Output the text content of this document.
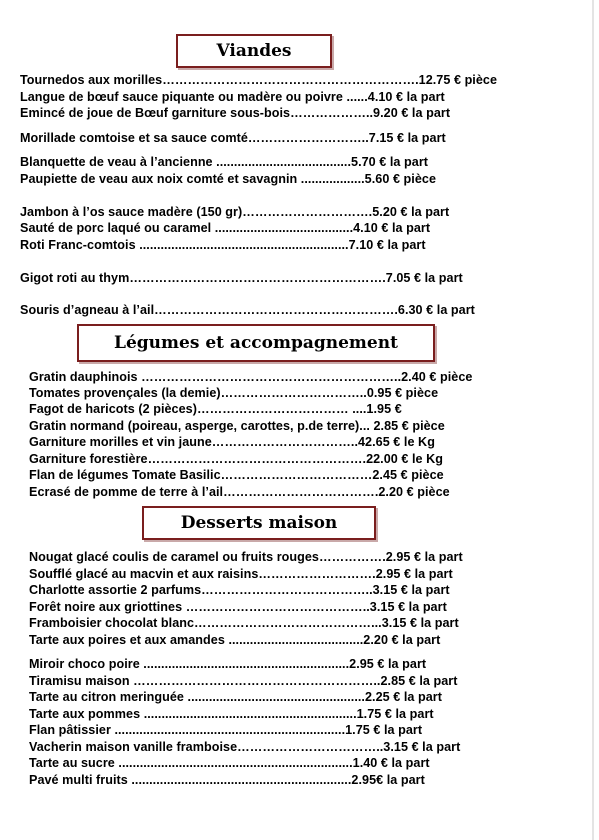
Viandes
Tournedos aux morilles…………………………………………………….12.75 € pièce
Langue de bœuf sauce piquante ou madère ou poivre ......4.10 € la part
Emincé de joue de Bœuf garniture sous-bois………………..9.20 € la part
Morillade comtoise et sa sauce comté………………………..7.15 € la part
Blanquette de veau à l’ancienne ......................................5.70 € la part
Paupiette de veau aux noix comté et savagnin ..................5.60 € pièce
Jambon à l’os sauce madère (150 gr)………………………….5.20 € la part
Sauté de porc laqué ou caramel .......................................4.10 € la part
Roti Franc-comtois ...........................................................7.10 € la part
Gigot roti au thym…………………………………………………….7.05 € la part
Souris d’agneau à l’ail………………………………………………….6.30 € la part
Légumes et accompagnement
Gratin dauphinois ……………………………………………………..2.40 € pièce
Tomates provençales (la demie)……………………………..0.95 € pièce
Fagot de haricots (2 pièces)……………………………… ....1.95 €
Gratin normand (poireau, asperge, carottes, p.de terre)... 2.85 € pièce
Garniture morilles et vin jaune……………………………..42.65 € le Kg
Garniture forestière…………………………………………….22.00 € le Kg
Flan de légumes Tomate Basilic………………………………2.45 € pièce
Ecrasé de pomme de terre à l’ail……………………………….2.20 € pièce
Desserts maison
Nougat glacé coulis de caramel ou fruits rouges…………….2.95 € la part
Soufflé glacé au macvin et aux raisins……………………….2.95 € la part
Charlotte assortie 2 parfums…………………………………..3.15 € la part
Forêt noire aux griottines ……………………………………..3.15 € la part
Framboisier chocolat blanc……………………………………...3.15 € la part
Tarte aux poires et aux amandes ......................................2.20 € la part
Miroir choco poire ..........................................................2.95 € la part
Tiramisu maison …………………………………………………..2.85 € la part
Tarte au citron meringuée ..................................................2.25 € la part
Tarte aux pommes ............................................................1.75 € la part
Flan pâtissier .................................................................1.75 € la part
Vacherin maison vanille framboise……………………………..3.15 € la part
Tarte au sucre ..................................................................1.40 € la part
Pavé multi fruits ..............................................................2.95€ la part
